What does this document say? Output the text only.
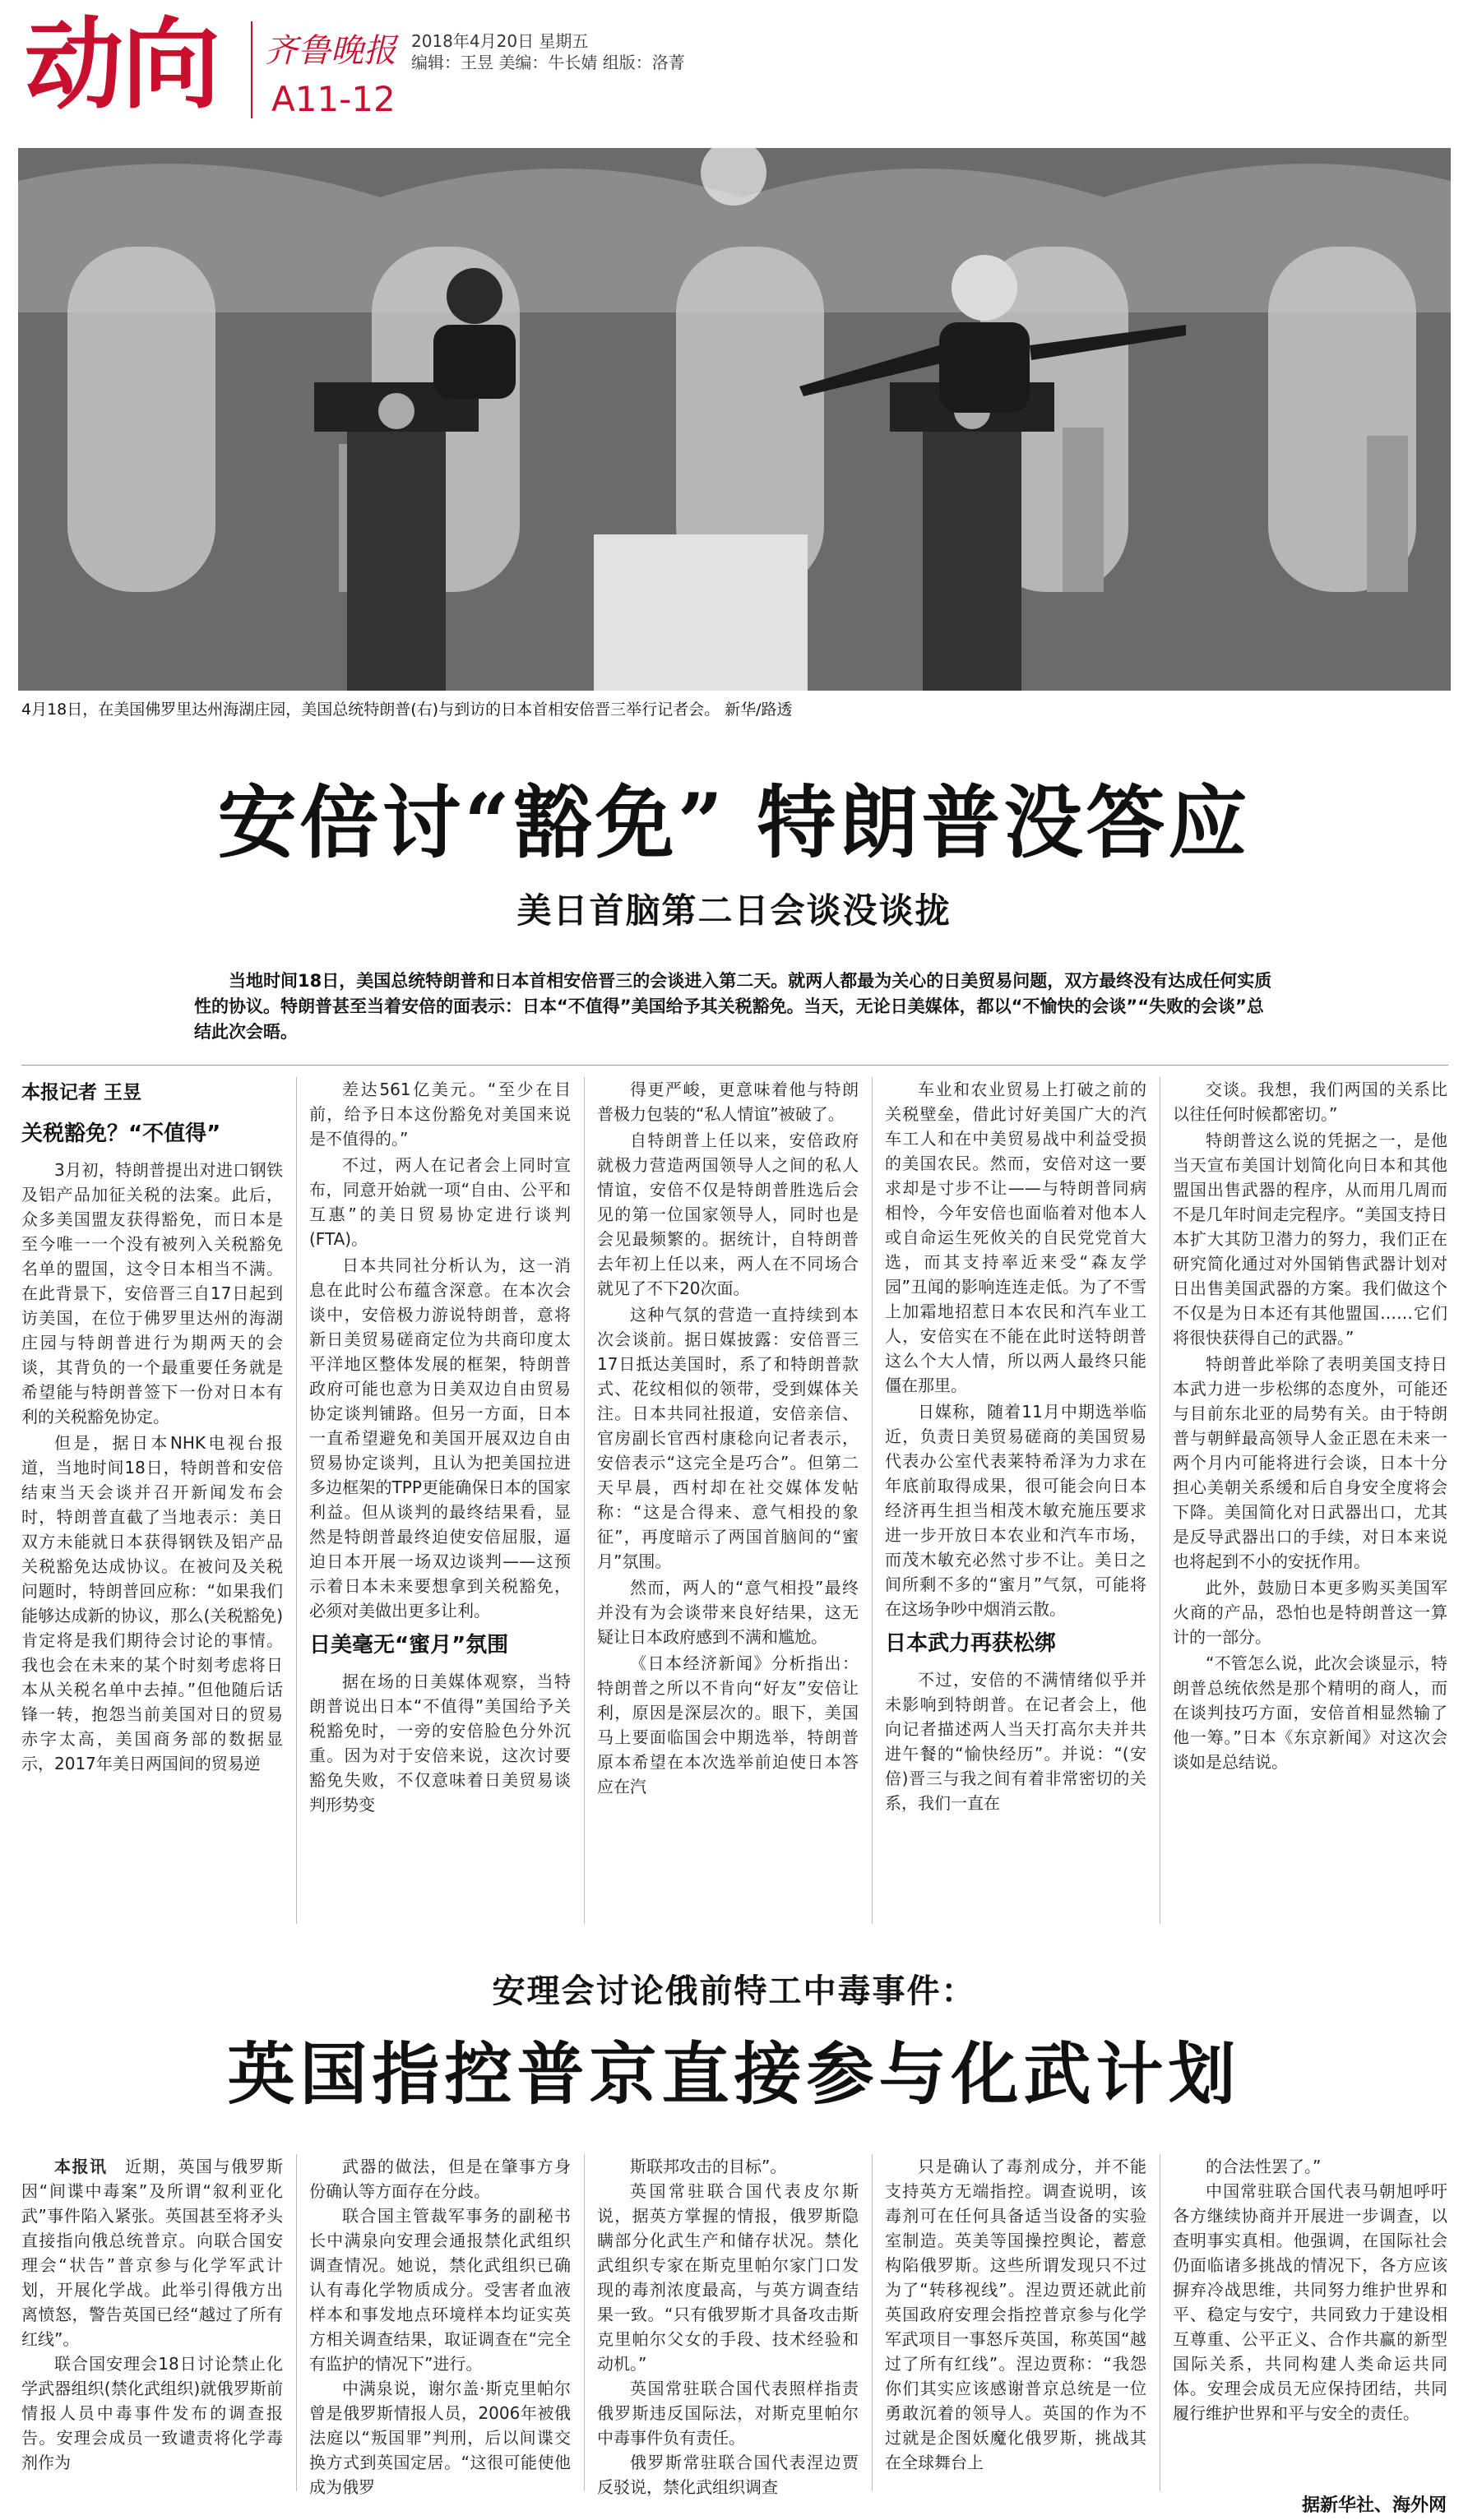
动向 齐鲁晚报 2018年4月20日 星期五
编辑：王昱 美编：牛长婧 组版：洛菁
A11-12
4月18日，在美国佛罗里达州海湖庄园，美国总统特朗普(右)与到访的日本首相安倍晋三举行记者会。 新华/路透
安倍讨“豁免” 特朗普没答应
美日首脑第二日会谈没谈拢
当地时间18日，美国总统特朗普和日本首相安倍晋三的会谈进入第二天。就两人都最为关心的日美贸易问题，双方最终没有达成任何实质性的协议。特朗普甚至当着安倍的面表示：日本“不值得”美国给予其关税豁免。当天，无论日美媒体，都以“不愉快的会谈”“失败的会谈”总结此次会晤。
本报记者 王昱
关税豁免？“不值得”

3月初，特朗普提出对进口钢铁及铝产品加征关税的法案。此后，众多美国盟友获得豁免，而日本是至今唯一一个没有被列入关税豁免名单的盟国，这令日本相当不满。在此背景下，安倍晋三自17日起到访美国，在位于佛罗里达州的海湖庄园与特朗普进行为期两天的会谈，其背负的一个最重要任务就是希望能与特朗普签下一份对日本有利的关税豁免协定。

但是，据日本NHK电视台报道，当地时间18日，特朗普和安倍结束当天会谈并召开新闻发布会时，特朗普直截了当地表示：美日双方未能就日本获得钢铁及铝产品关税豁免达成协议。在被问及关税问题时，特朗普回应称：“如果我们能够达成新的协议，那么(关税豁免)肯定将是我们期待会讨论的事情。我也会在未来的某个时刻考虑将日本从关税名单中去掉。”但他随后话锋一转，抱怨当前美国对日的贸易赤字太高，美国商务部的数据显示，2017年美日两国间的贸易逆

差达561亿美元。“至少在目前，给予日本这份豁免对美国来说是不值得的。”

不过，两人在记者会上同时宣布，同意开始就一项“自由、公平和互惠”的美日贸易协定进行谈判(FTA)。

日本共同社分析认为，这一消息在此时公布蕴含深意。在本次会谈中，安倍极力游说特朗普，意将新日美贸易磋商定位为共商印度太平洋地区整体发展的框架，特朗普政府可能也意为日美双边自由贸易协定谈判铺路。但另一方面，日本一直希望避免和美国开展双边自由贸易协定谈判，且认为把美国拉进多边框架的TPP更能确保日本的国家利益。但从谈判的最终结果看，显然是特朗普最终迫使安倍屈服，逼迫日本开展一场双边谈判——这预示着日本未来要想拿到关税豁免，必须对美做出更多让利。

日美毫无“蜜月”氛围

据在场的日美媒体观察，当特朗普说出日本“不值得”美国给予关税豁免时，一旁的安倍脸色分外沉重。因为对于安倍来说，这次讨要豁免失败，不仅意味着日美贸易谈判形势变

得更严峻，更意味着他与特朗普极力包装的“私人情谊”被破了。

自特朗普上任以来，安倍政府就极力营造两国领导人之间的私人情谊，安倍不仅是特朗普胜选后会见的第一位国家领导人，同时也是会见最频繁的。据统计，自特朗普去年初上任以来，两人在不同场合就见了不下20次面。

这种气氛的营造一直持续到本次会谈前。据日媒披露：安倍晋三17日抵达美国时，系了和特朗普款式、花纹相似的领带，受到媒体关注。日本共同社报道，安倍亲信、官房副长官西村康稔向记者表示，安倍表示“这完全是巧合”。但第二天早晨，西村却在社交媒体发帖称：“这是合得来、意气相投的象征”，再度暗示了两国首脑间的“蜜月”氛围。

然而，两人的“意气相投”最终并没有为会谈带来良好结果，这无疑让日本政府感到不满和尴尬。

《日本经济新闻》分析指出：特朗普之所以不肯向“好友”安倍让利，原因是深层次的。眼下，美国马上要面临国会中期选举，特朗普原本希望在本次选举前迫使日本答应在汽

车业和农业贸易上打破之前的关税壁垒，借此讨好美国广大的汽车工人和在中美贸易战中利益受损的美国农民。然而，安倍对这一要求却是寸步不让——与特朗普同病相怜，今年安倍也面临着对他本人或自命运生死攸关的自民党党首大选，而其支持率近来受“森友学园”丑闻的影响连连走低。为了不雪上加霜地招惹日本农民和汽车业工人，安倍实在不能在此时送特朗普这么个大人情，所以两人最终只能僵在那里。

日媒称，随着11月中期选举临近，负责日美贸易磋商的美国贸易代表办公室代表莱特希泽为力求在年底前取得成果，很可能会向日本经济再生担当相茂木敏充施压要求进一步开放日本农业和汽车市场，而茂木敏充必然寸步不让。美日之间所剩不多的“蜜月”气氛，可能将在这场争吵中烟消云散。

日本武力再获松绑

不过，安倍的不满情绪似乎并未影响到特朗普。在记者会上，他向记者描述两人当天打高尔夫并共进午餐的“愉快经历”。并说：“(安倍)晋三与我之间有着非常密切的关系，我们一直在

交谈。我想，我们两国的关系比以往任何时候都密切。”

特朗普这么说的凭据之一，是他当天宣布美国计划简化向日本和其他盟国出售武器的程序，从而用几周而不是几年时间走完程序。“美国支持日本扩大其防卫潜力的努力，我们正在研究简化通过对外国销售武器计划对日出售美国武器的方案。我们做这个不仅是为日本还有其他盟国……它们将很快获得自己的武器。”

特朗普此举除了表明美国支持日本武力进一步松绑的态度外，可能还与目前东北亚的局势有关。由于特朗普与朝鲜最高领导人金正恩在未来一两个月内可能将进行会谈，日本十分担心美朝关系缓和后自身安全度将会下降。美国简化对日武器出口，尤其是反导武器出口的手续，对日本来说也将起到不小的安抚作用。

此外，鼓励日本更多购买美国军火商的产品，恐怕也是特朗普这一算计的一部分。

“不管怎么说，此次会谈显示，特朗普总统依然是那个精明的商人，而在谈判技巧方面，安倍首相显然输了他一筹。”日本《东京新闻》对这次会谈如是总结说。

安理会讨论俄前特工中毒事件：
英国指控普京直接参与化武计划

本报讯　 近期，英国与俄罗斯因“间谍中毒案”及所谓“叙利亚化武”事件陷入紧张。英国甚至将矛头直接指向俄总统普京。向联合国安理会“状告”普京参与化学军武计划，开展化学战。此举引得俄方出离愤怒，警告英国已经“越过了所有红线”。

联合国安理会18日讨论禁止化学武器组织(禁化武组织)就俄罗斯前情报人员中毒事件发布的调查报告。安理会成员一致谴责将化学毒剂作为

武器的做法，但是在肇事方身份确认等方面存在分歧。

联合国主管裁军事务的副秘书长中满泉向安理会通报禁化武组织调查情况。她说，禁化武组织已确认有毒化学物质成分。受害者血液样本和事发地点环境样本均证实英方相关调查结果，取证调查在“完全有监护的情况下”进行。

中满泉说，谢尔盖·斯克里帕尔曾是俄罗斯情报人员，2006年被俄法庭以“叛国罪”判刑，后以间谍交换方式到英国定居。“这很可能使他成为俄罗

斯联邦攻击的目标”。

英国常驻联合国代表皮尔斯说，据英方掌握的情报，俄罗斯隐瞒部分化武生产和储存状况。禁化武组织专家在斯克里帕尔家门口发现的毒剂浓度最高，与英方调查结果一致。“只有俄罗斯才具备攻击斯克里帕尔父女的手段、技术经验和动机。”

英国常驻联合国代表照样指责俄罗斯违反国际法，对斯克里帕尔中毒事件负有责任。

俄罗斯常驻联合国代表涅边贾反驳说，禁化武组织调查

只是确认了毒剂成分，并不能支持英方无端指控。调查说明，该毒剂可在任何具备适当设备的实验室制造。英美等国操控舆论，蓄意构陷俄罗斯。这些所谓发现只不过为了“转移视线”。涅边贾还就此前英国政府安理会指控普京参与化学军武项目一事怒斥英国，称英国“越过了所有红线”。涅边贾称：“我怨你们其实应该感谢普京总统是一位勇敢沉着的领导人。英国的作为不过就是企图妖魔化俄罗斯，挑战其在全球舞台上

的合法性罢了。”

中国常驻联合国代表马朝旭呼吁各方继续协商并开展进一步调查，以查明事实真相。他强调，在国际社会仍面临诸多挑战的情况下，各方应该摒弃冷战思维，共同努力维护世界和平、稳定与安宁，共同致力于建设相互尊重、公平正义、合作共赢的新型国际关系，共同构建人类命运共同体。安理会成员无应保持团结，共同履行维护世界和平与安全的责任。

据新华社、海外网
